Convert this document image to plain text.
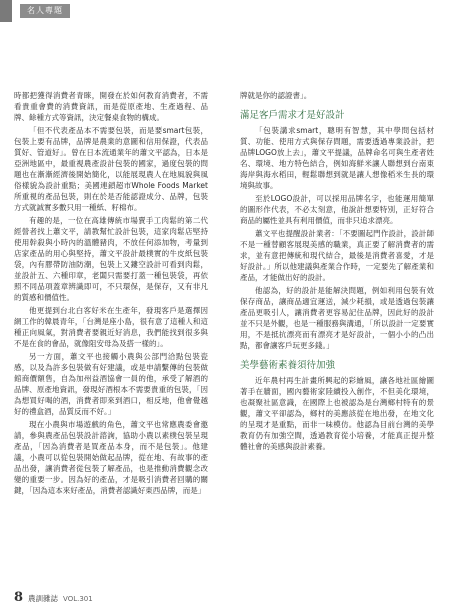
名人專題

時都把獲得消費者青睞，開發在於如何教育消費者，不需看貴重會費的消費資訊，而是從原產地、生產過程、品牌、餘種方式等資訊，決定餐桌食物的構成。

「但不代表產品本不需要包裝，而是要smart包裝，包裝上要有品牌，品牌是農業的意圖和信用保證，代表品質好、管道好」。曾在日本流通業年的蕭文平認為，日本是亞洲地區中，最重視農產設計包裝的國家，過度包裝的問題也在漸漸經濟後開始簡化，以能展現農人在地風貌與風俗樣貌為設計重點；美國連鎖超市Whole Foods Market所重視的產品包裝，則在於是否能認證成分、品牌，包裝方式就誠實多數只用一種紙、籽棉布。

有趣的是，一位在高雄傳統市場賣手工肉鬆的第二代經營者找上蕭文平，請教幫忙設計包裝，這家肉鬆店堅持使用幹殺與小時內的溫體豬肉，不放任何添加物，考量到店家產品的用心與堅持，蕭文平設計最樸實的牛皮紙包裝袋，內有膠帶防油防潮，包裝上又鏤空設計可看到肉鬆，並設計五、六種印章，老闆只需要打蓋一種包裝袋，再依照不同品項蓋章辨識即可，不只環保，是保存，又有非凡的質感和價值性。

他更提到台北白客好米在生產年，發現客戶是選擇因網工作的韓晨青年，「台灣是座小島，很有意了這種人和這種正向風氣，對消費者要親近好消息，我們能找到很多與不是在食的會品，就像阻安母為及搭一樣的」。

另一方面，蕭文平也接觸小農與公部門洽點包裝瓷感，以及為許多包裝做有好建議，或是申請繫傳的包裝做館商價額售，自為加州益酒協會一員的他，承受了解酒的品牌、原產地資訊，發現好酒根本不需要貴重的包裝，「因為想買好喝的酒，消費者即來到酒口，相反地，他會覺越好的禮盒酒，品質反而不好。」

現在小農與市場遊戲的角色，蕭文平也常應農委會邀請，參與農產品包裝設計諮詢，協助小農以素樸包裝呈現產品，「因為消費者是買產品本身，而不是包裝」。他建議，小農可以從包裝開始做起品牌，從在地、有故事的產品出發，讓消費者從包裝了解產品，也是推動消費觀念改變的重要一步。因為好的產品，才是吸引消費者回購的關鍵，「因為這本來好產品，消費者認識好東西品牌，而是」

牌就是你的認證書」。

滿足客戶需求才是好設計

「包裝講求smart，聰明有智慧，其中學問包括材質、功能、使用方式與保存問題，需要透過專業設計，把品牌LOGO放上去」，蕭文平提議，品牌命名可與生產者姓名、環境、地方特色結合，例如海鮮米讓人聯想到台南東海岸與海水稻田，輕鬆聯想到就是讓人想像稻米生長的環境與故事。

至於LOGO設計，可以採用品牌名字，也能運用簡單的圖形作代表，不必太刻意，他說計想要特別，正好符合商品的屬性並具有利用價值，而非只追求漂亮。

蕭文平也提醒設計業者：「不要圖起門作設計，設計師不是一種替顧客展現美感的職業，真正要了解消費者的需求，並有意把傳統和現代結合，最後是消費者喜愛，才是好設計。」所以他建議與產業合作時，一定要先了解產業和產品，才能做出好的設計。

他認為，好的設計是能解決問題，例如利用包裝有效保存商品，讓商品適宜運送，減少耗損，或是透過包裝讓產品更吸引人，讓消費者更容易記住品牌，因此好的設計並不只是外觀，也是一種服務與溝通，「所以設計一定要實用，不是抵抗漂亮而有漂亮才是好設計，一個小小的凸出點，都會讓客戶玩更多錢。」

美學藝術素養須待加強

近年農村再生計畫所興起的彩繪風，讓各地社區繪圖著手在牆面，國內藝術家陸續投入創作，不但美化環境，也凝聚社區意識，在國際上也被認為是台灣鄉村特有的景觀，蕭文平卻認為，鄉村的美應該從在地出發，在地文化的呈現才是重點，而非一味模仿。他認為目前台灣的美學教育仍有加強空間，透過教育從小培養，才能真正提升整體社會的美感與設計素養。

8 農訓雜誌 VOL.301
